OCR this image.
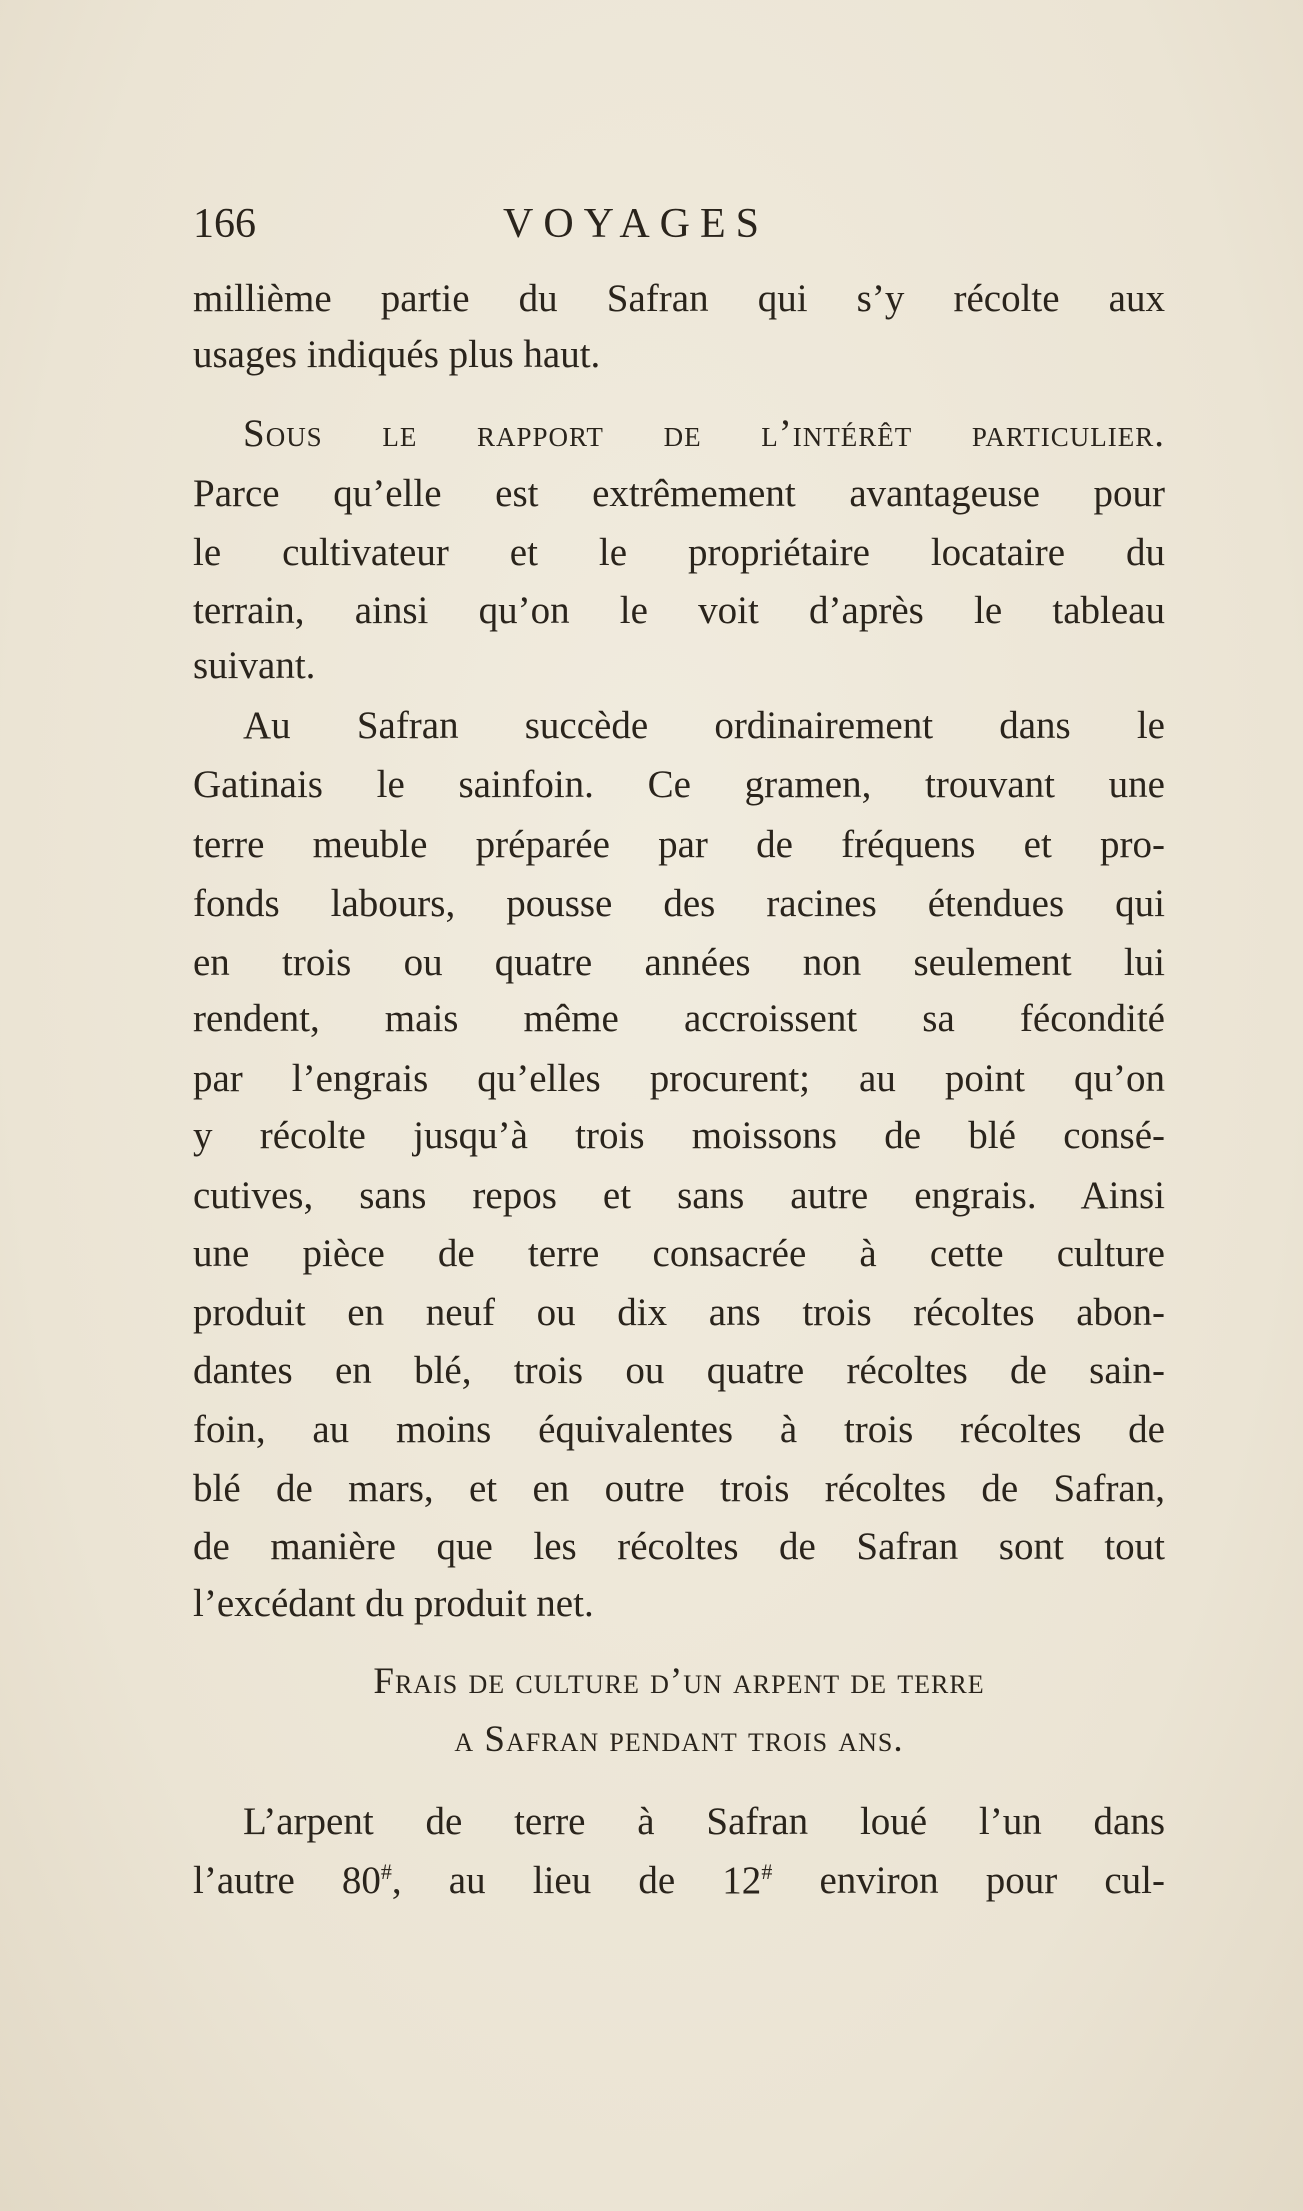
166	VOYAGES
millième partie du Safran qui s’y récolte aux
usages indiqués plus haut.
Sous le rapport de l’intérêt particulier.
Parce qu’elle est extrêmement avantageuse pour
le cultivateur et le propriétaire locataire du
terrain, ainsi qu’on le voit d’après le tableau
suivant.
Au Safran succède ordinairement dans le
Gatinais le sainfoin. Ce gramen, trouvant une
terre meuble préparée par de fréquens et pro-
fonds labours, pousse des racines étendues qui
en trois ou quatre années non seulement lui
rendent, mais même accroissent sa fécondité
par l’engrais qu’elles procurent; au point qu’on
y récolte jusqu’à trois moissons de blé consé-
cutives, sans repos et sans autre engrais. Ainsi
une pièce de terre consacrée à cette culture
produit en neuf ou dix ans trois récoltes abon-
dantes en blé, trois ou quatre récoltes de sain-
foin, au moins équivalentes à trois récoltes de
blé de mars, et en outre trois récoltes de Safran,
de manière que les récoltes de Safran sont tout
l’excédant du produit net.
Frais de culture d’un arpent de terre
a Safran pendant trois ans.
L’arpent de terre à Safran loué l’un dans
l’autre 80#, au lieu de 12# environ pour cul-
